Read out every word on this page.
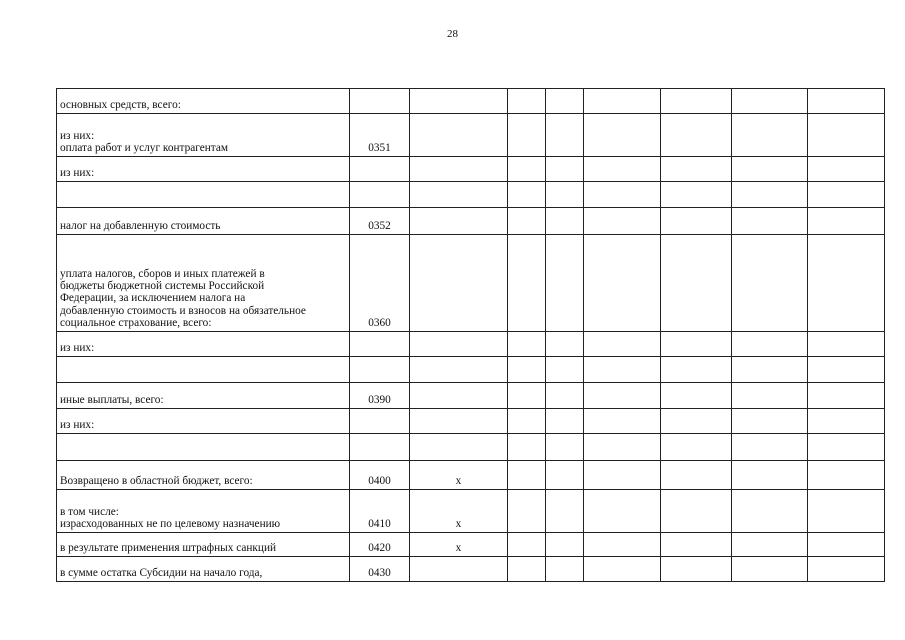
28
основных средств, всего:								
из них:
оплата работ и услуг контрагентам	0351							
из них:								

налог на добавленную стоимость	0352							
уплата налогов, сборов и иных платежей в
бюджеты бюджетной системы Российской
Федерации, за исключением налога на
добавленную стоимость и взносов на обязательное
социальное страхование, всего:	0360							
из них:								

иные выплаты, всего:	0390							
из них:								

Возвращено в областной бюджет, всего:	0400	x						
в том числе:
израсходованных не по целевому назначению	0410	x						
в результате применения штрафных санкций	0420	x						
в сумме остатка Субсидии на начало года,	0430							
